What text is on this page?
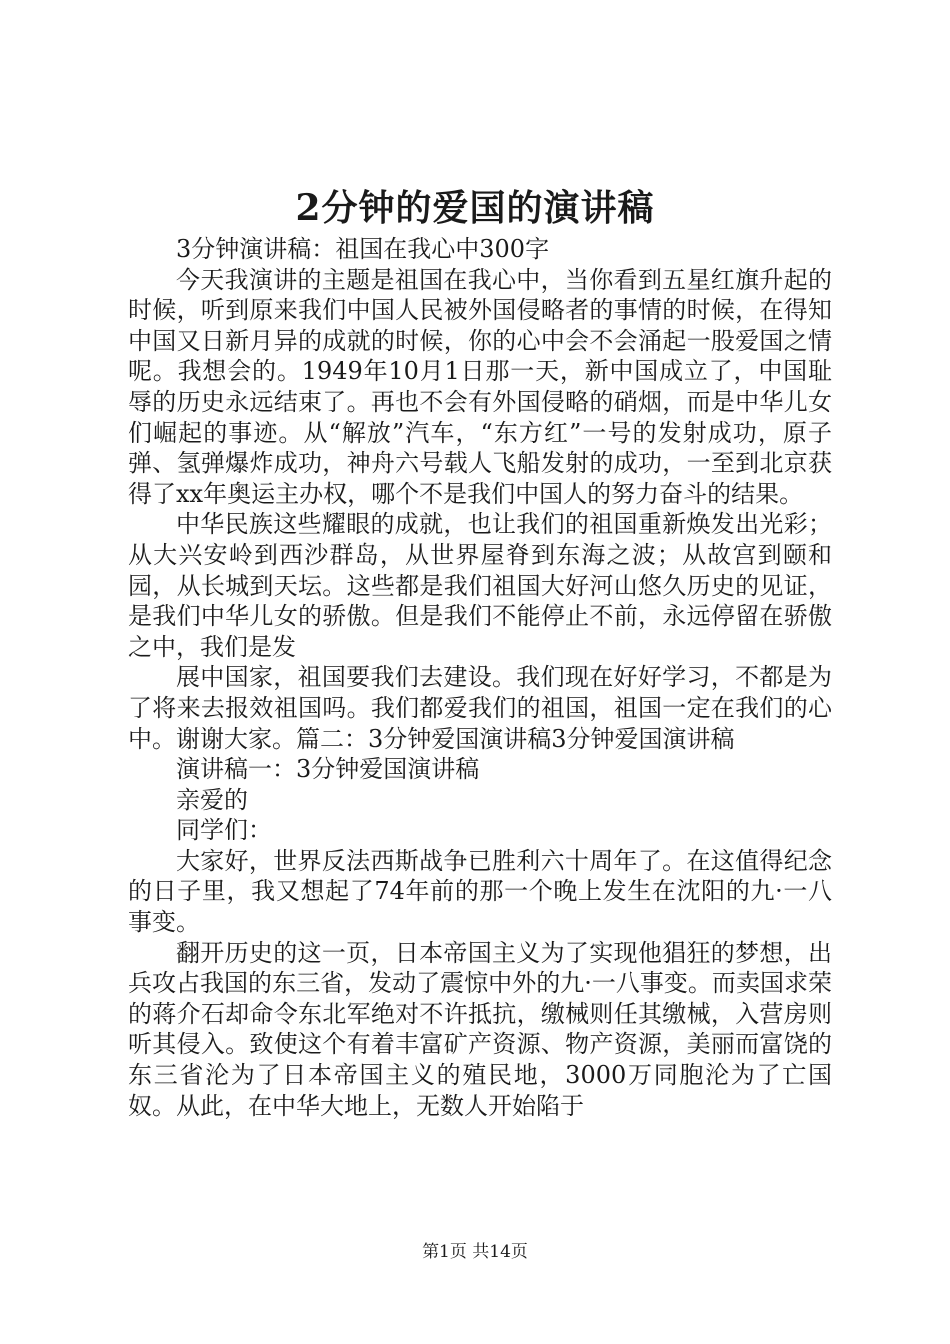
2分钟的爱国的演讲稿

3分钟演讲稿：祖国在我心中300字

今天我演讲的主题是祖国在我心中，当你看到五星红旗升起的时候，听到原来我们中国人民被外国侵略者的事情的时候，在得知中国又日新月异的成就的时候，你的心中会不会涌起一股爱国之情呢。我想会的。1949年10月1日那一天，新中国成立了，中国耻辱的历史永远结束了。再也不会有外国侵略的硝烟，而是中华儿女们崛起的事迹。从“解放”汽车，“东方红”一号的发射成功，原子弹、氢弹爆炸成功，神舟六号载人飞船发射的成功，一至到北京获得了xx年奥运主办权，哪个不是我们中国人的努力奋斗的结果。

中华民族这些耀眼的成就，也让我们的祖国重新焕发出光彩；从大兴安岭到西沙群岛，从世界屋脊到东海之波；从故宫到颐和园，从长城到天坛。这些都是我们祖国大好河山悠久历史的见证，是我们中华儿女的骄傲。但是我们不能停止不前，永远停留在骄傲之中，我们是发

展中国家，祖国要我们去建设。我们现在好好学习，不都是为了将来去报效祖国吗。我们都爱我们的祖国，祖国一定在我们的心中。谢谢大家。篇二：3分钟爱国演讲稿3分钟爱国演讲稿

演讲稿一：3分钟爱国演讲稿

亲爱的

同学们：

大家好，世界反法西斯战争已胜利六十周年了。在这值得纪念的日子里，我又想起了74年前的那一个晚上发生在沈阳的九·一八事变。

翻开历史的这一页，日本帝国主义为了实现他猖狂的梦想，出兵攻占我国的东三省，发动了震惊中外的九·一八事变。而卖国求荣的蒋介石却命令东北军绝对不许抵抗，缴械则任其缴械，入营房则听其侵入。致使这个有着丰富矿产资源、物产资源，美丽而富饶的东三省沦为了日本帝国主义的殖民地，3000万同胞沦为了亡国奴。从此，在中华大地上，无数人开始陷于

第1页 共14页
